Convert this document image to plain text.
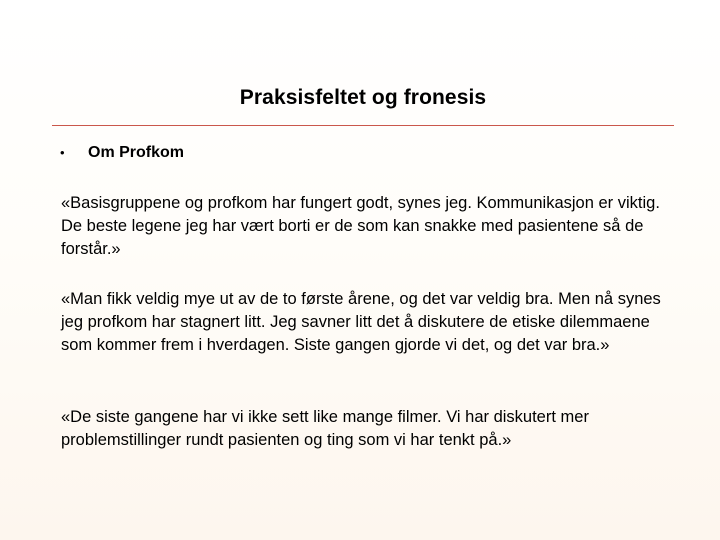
Praksisfeltet og fronesis
•	Om Profkom
«Basisgruppene og profkom har fungert godt, synes jeg. Kommunikasjon er viktig. De beste legene jeg har vært borti er de som kan snakke med pasientene så de forstår.»
«Man fikk veldig mye ut av de to første årene, og det var veldig bra. Men nå synes jeg profkom har stagnert litt. Jeg savner litt det å diskutere de etiske dilemmaene som kommer frem i hverdagen. Siste gangen gjorde vi det, og det var bra.»
«De siste gangene har vi ikke sett like mange filmer. Vi har diskutert mer problemstillinger rundt pasienten og ting som vi har tenkt på.»
